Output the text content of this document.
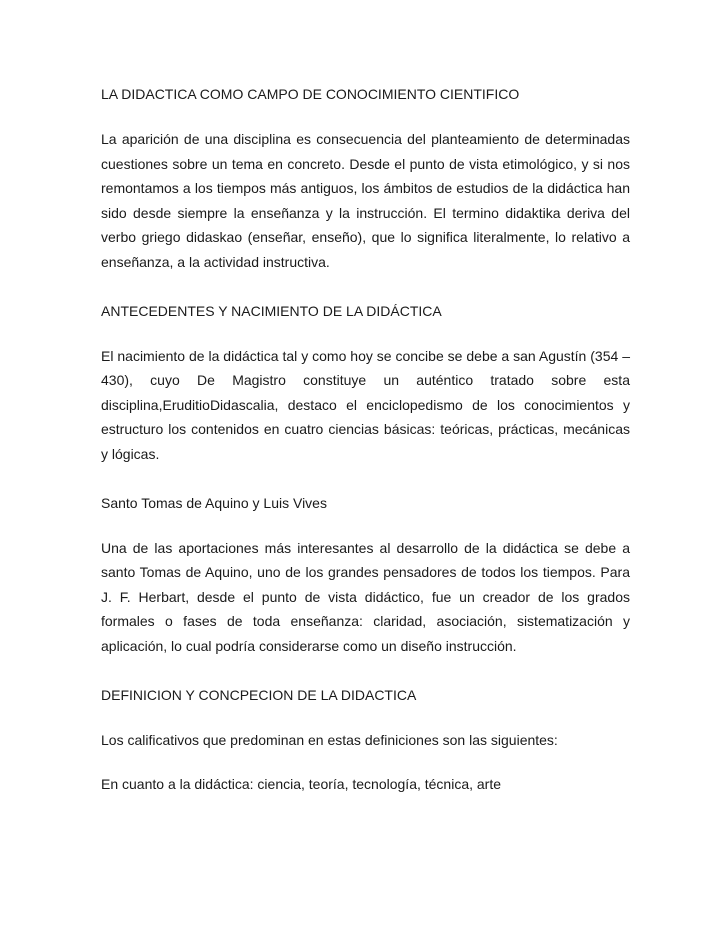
LA DIDACTICA COMO CAMPO DE CONOCIMIENTO CIENTIFICO

La aparición de una disciplina es consecuencia del planteamiento de determinadas cuestiones sobre un tema en concreto. Desde el punto de vista etimológico, y si nos remontamos a los tiempos más antiguos, los ámbitos de estudios de la didáctica han sido desde siempre la enseñanza y la instrucción. El termino didaktika deriva del verbo griego didaskao (enseñar, enseño), que lo significa literalmente, lo relativo a enseñanza, a la actividad instructiva.

ANTECEDENTES Y NACIMIENTO DE LA DIDÁCTICA

El nacimiento de la didáctica tal y como hoy se concibe se debe a san Agustín (354 – 430), cuyo De Magistro constituye un auténtico tratado sobre esta disciplina,EruditioDidascalia, destaco el enciclopedismo de los conocimientos y estructuro los contenidos en cuatro ciencias básicas: teóricas, prácticas, mecánicas y lógicas.

Santo Tomas de Aquino y Luis Vives

Una de las aportaciones más interesantes al desarrollo de la didáctica se debe a santo Tomas de Aquino, uno de los grandes pensadores de todos los tiempos. Para J. F. Herbart, desde el punto de vista didáctico, fue un creador de los grados formales o fases de toda enseñanza: claridad, asociación, sistematización y aplicación, lo cual podría considerarse como un diseño instrucción.

DEFINICION Y CONCPECION DE LA DIDACTICA

Los calificativos que predominan en estas definiciones son las siguientes:

En cuanto a la didáctica: ciencia, teoría, tecnología, técnica, arte
